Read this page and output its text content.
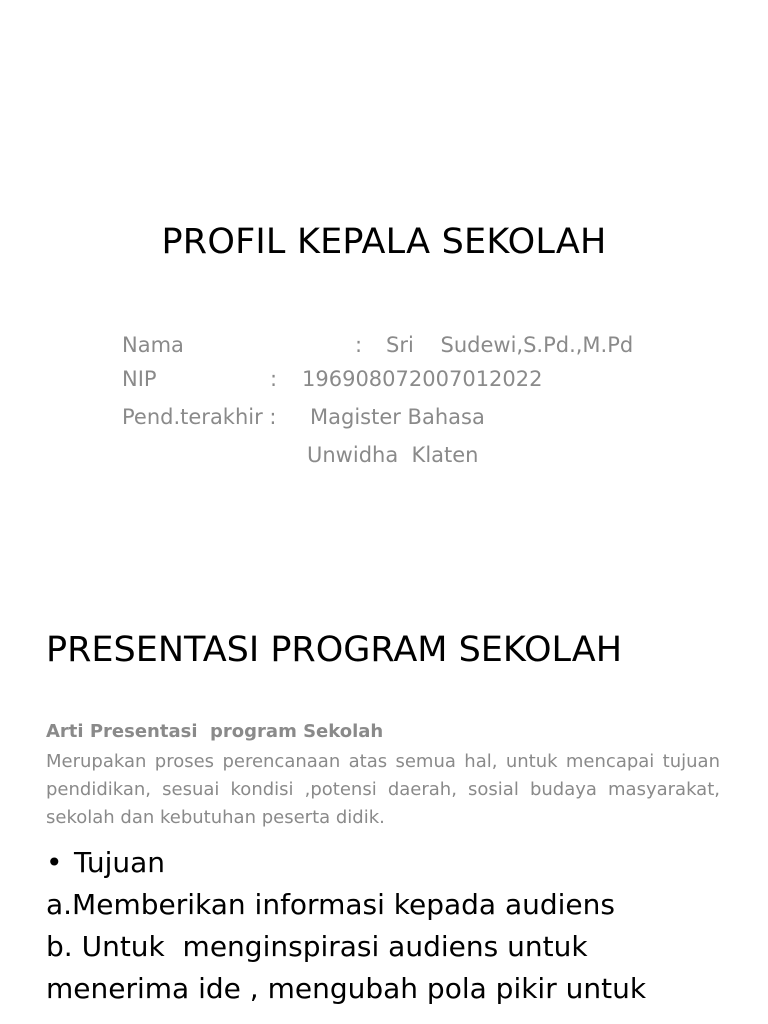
PROFIL KEPALA SEKOLAH
Nama	: Sri    Sudewi,S.Pd.,M.Pd
NIP	: 196908072007012022
Pend.terakhir : Magister Bahasa
Unwidha  Klaten
PRESENTASI PROGRAM SEKOLAH
Arti Presentasi  program Sekolah
Merupakan proses perencanaan atas semua hal, untuk mencapai tujuan pendidikan, sesuai kondisi ,potensi daerah, sosial budaya masyarakat, sekolah dan kebutuhan peserta didik.
• Tujuan
a.Memberikan informasi kepada audiens
b. Untuk  menginspirasi audiens untuk
menerima ide , mengubah pola pikir untuk
